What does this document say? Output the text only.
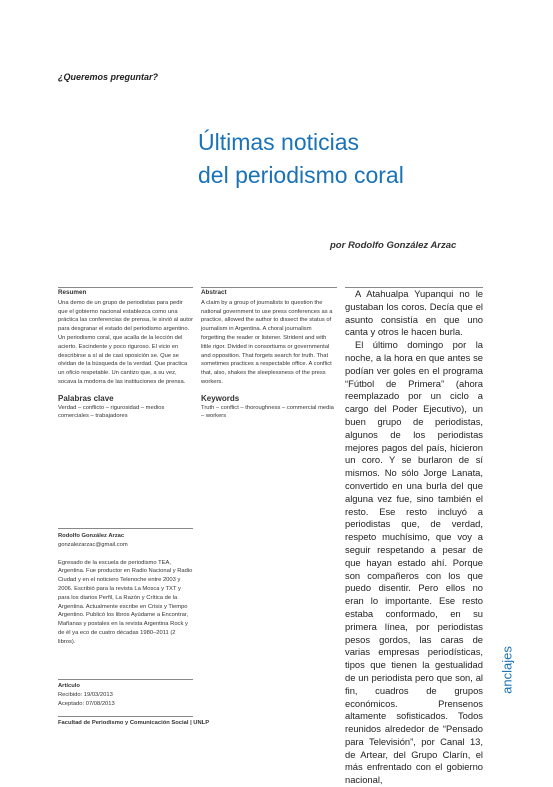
¿Queremos preguntar?
Últimas noticias
del periodismo coral
por Rodolfo González Arzac
Resumen

Una demo de un grupo de periodistas para pedir que el gobierno nacional establezca como una práctica las conferencias de prensa, le sirvió al autor para desgranar el estado del periodismo argentino. Un periodismo coral, que acalla de la lección del acierto. Escindente y poco riguroso. El vicio en describirse a sí al de casi oposición se. Que se olvidan de la búsqueda de la verdad. Que practica un oficio respetable. Un cantizo que, a su vez, socava la modorra de las instituciones de prensa.

Palabras clave

Verdad – conflicto – rigurosidad – medios comerciales – trabajadores

Abstract

A claim by a group of journalists to question the national government to use press conferences as a practice, allowed the author to dissect the status of journalism in Argentina. A choral journalism forgetting the reader or listener. Strident and with little rigor. Divided in consortiums or governmental and opposition. That forgets search for truth. That sometimes practices a respectable office. A conflict that, also, shakes the sleeplessness of the press workers.

Keywords

Truth – conflict – thoroughness – commercial media – workers

Rodolfo González Arzac

gonzalezarzac@gmail.com

Egresado de la escuela de periodismo TEA, Argentina. Fue productor en Radio Nacional y Radio Ciudad y en el noticiero Telenoche entre 2003 y 2006. Escribió para la revista La Mosca y TXT y para los diarios Perfil, La Razón y Crítica de la Argentina. Actualmente escribe en Crisis y Tiempo Argentino. Publicó los libros Ayúdame a Encontrar, Mañanas y postales en la revista Argentina Rock y de él ya eco de cuatro décadas 1980–2011 (2 libros).

Artículo

Recibido: 19/03/2013

Aceptado: 07/08/2013

A Atahualpa Yupanqui no le gustaban los coros. Decía que el asunto consistía en que uno canta y otros le hacen burla.

El último domingo por la noche, a la hora en que antes se podían ver goles en el programa “Fútbol de Primera” (ahora reemplazado por un ciclo a cargo del Poder Ejecutivo), un buen grupo de periodistas, algunos de los periodistas mejores pagos del país, hicieron un coro. Y se burlaron de sí mismos. No sólo Jorge Lanata, convertido en una burla del que alguna vez fue, sino también el resto. Ese resto incluyó a periodistas que, de verdad, respeto muchísimo, que voy a seguir respetando a pesar de que hayan estado ahí. Porque son compañeros con los que puedo disentir. Pero ellos no eran lo importante. Ese resto estaba conformado, en su primera línea, por periodistas pesos gordos, las caras de varias empresas periodísticas, tipos que tienen la gestualidad de un periodista pero que son, al fin, cuadros de grupos económicos. Prensenos altamente sofisticados. Todos reunidos alrededor de “Pensado para Televisión”, por Canal 13, de Artear, del Grupo Clarín, el más enfrentado con el gobierno nacional,

anclajes
Facultad de Periodismo y Comunicación Social | UNLP
